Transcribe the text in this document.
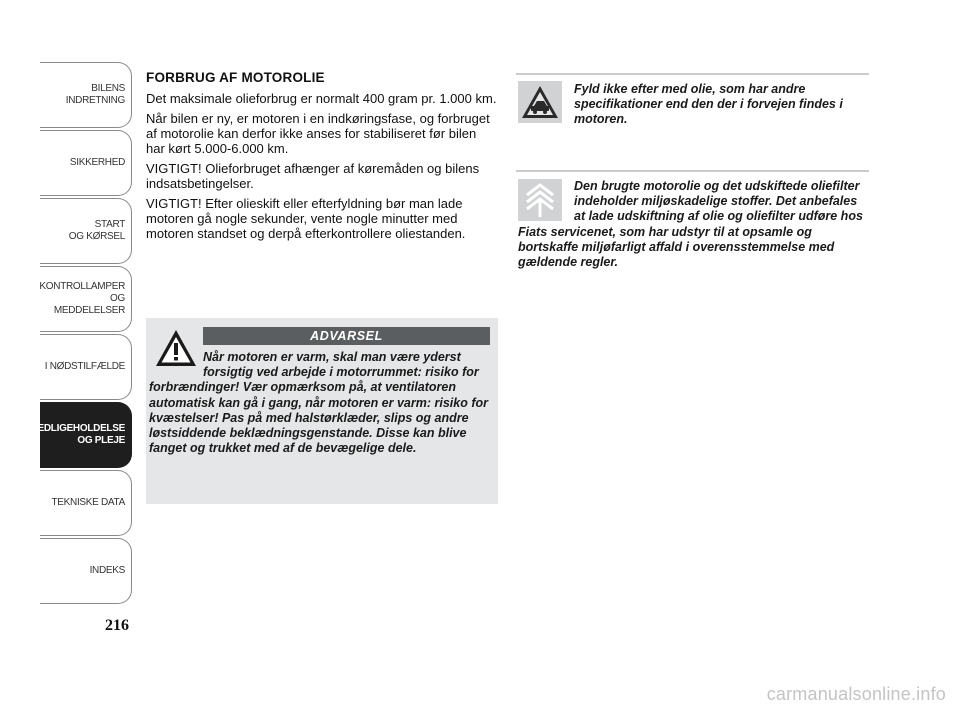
BILENS
INDRETNING
SIKKERHED
START
OG KØRSEL
KONTROLLAMPER
OG MEDDELELSER
I NØDSTILFÆLDE
VEDLIGEHOLDELSE
OG PLEJE
TEKNISKE DATA
INDEKS
216
FORBRUG AF MOTOROLIE

Det maksimale olieforbrug er normalt 400 gram pr. 1.000 km.

Når bilen er ny, er motoren i en indkøringsfase, og forbruget af motorolie kan derfor ikke anses for stabiliseret før bilen har kørt 5.000-6.000 km.

VIGTIGT! Olieforbruget afhænger af køremåden og bilens indsatsbetingelser.

VIGTIGT! Efter olieskift eller efterfyldning bør man lade motoren gå nogle sekunder, vente nogle minutter med motoren standset og derpå efterkontrollere oliestanden.

ADVARSEL
Når motoren er varm, skal man være yderst forsigtig ved arbejde i motorrummet: risiko for forbrændinger! Vær opmærksom på, at ventilatoren automatisk kan gå i gang, når motoren er varm: risiko for kvæstelser! Pas på med halstørklæder, slips og andre løstsiddende beklædningsgenstande. Disse kan blive fanget og trukket med af de bevægelige dele.
Fyld ikke efter med olie, som har andre specifikationer end den der i forvejen findes i motoren.
Den brugte motorolie og det udskiftede oliefilter indeholder miljøskadelige stoffer. Det anbefales at lade udskiftning af olie og oliefilter udføre hos Fiats servicenet, som har udstyr til at opsamle og bortskaffe miljøfarligt affald i overensstemmelse med gældende regler.
carmanualsonline.info
